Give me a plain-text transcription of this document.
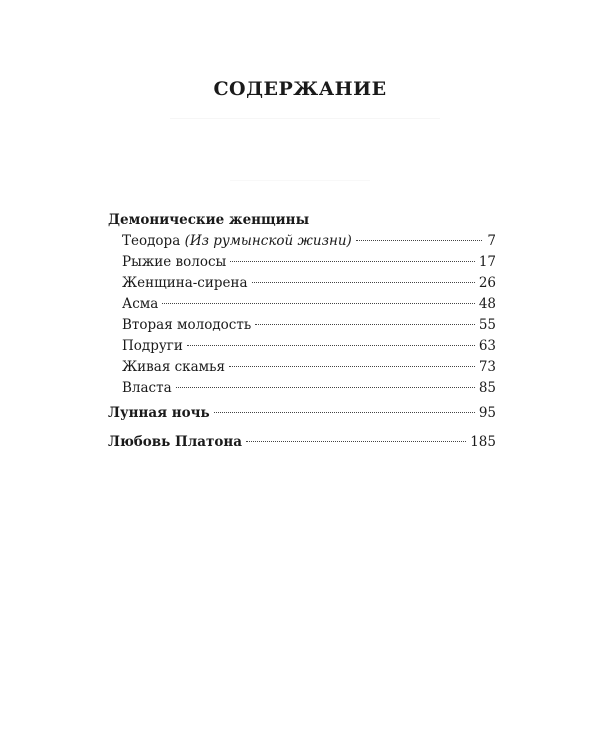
СОДЕРЖАНИЕ
Демонические женщины
Теодора (Из румынской жизни)	7
Рыжие волосы	17
Женщина-сирена	26
Асма	48
Вторая молодость	55
Подруги	63
Живая скамья	73
Власта	85
Лунная ночь	95
Любовь Платона	185
